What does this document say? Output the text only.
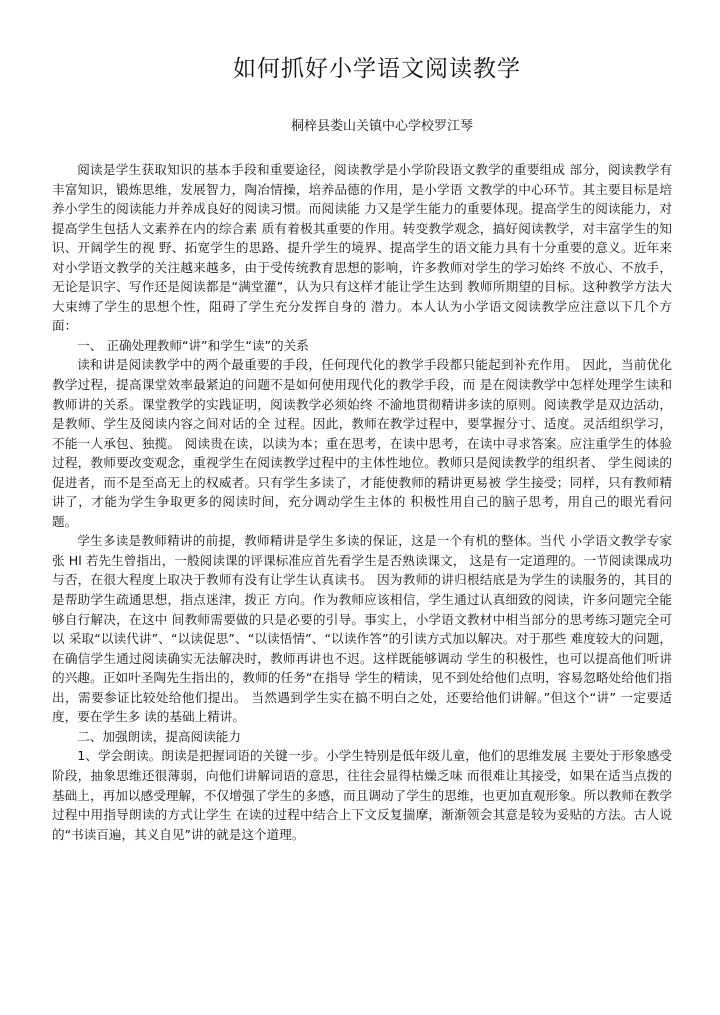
如何抓好小学语文阅读教学
桐梓县娄山关镇中心学校罗江琴

阅读是学生获取知识的基本手段和重要途径，阅读教学是小学阶段语文教学的重要组成 部分，阅读教学有丰富知识，锻炼思维，发展智力，陶冶情操，培养品德的作用，是小学语 文教学的中心环节。其主要目标是培养小学生的阅读能力并养成良好的阅读习惯。而阅读能 力又是学生能力的重要体现。提高学生的阅读能力，对提高学生包括人文素养在内的综合素 质有着极其重要的作用。转变教学观念，搞好阅读教学，对丰富学生的知识、开阔学生的视 野、拓宽学生的思路、提升学生的境界、提高学生的语文能力具有十分重要的意义。近年来 对小学语文教学的关注越来越多，由于受传统教育思想的影响，许多教师对学生的学习始终 不放心、不放手，无论是识字、写作还是阅读都是“满堂灌”，认为只有这样才能让学生达到 教师所期望的目标。这种教学方法大大束缚了学生的思想个性，阻碍了学生充分发挥自身的 潜力。本人认为小学语文阅读教学应注意以下几个方面：

一、 正确处理教师“讲”和学生“读”的关系

读和讲是阅读教学中的两个最重要的手段，任何现代化的教学手段都只能起到补充作用。 因此，当前优化教学过程，提高课堂效率最紧迫的问题不是如何使用现代化的教学手段，而 是在阅读教学中怎样处理学生读和教师讲的关系。课堂教学的实践证明，阅读教学必须始终 不渝地贯彻精讲多读的原则。阅读教学是双边活动，是教师、学生及阅读内容之间对话的全 过程。因此，教师在教学过程中，要掌握分寸、适度。灵活组织学习，不能一人承包、独揽。 阅读贵在读，以读为本；重在思考，在读中思考，在读中寻求答案。应注重学生的体验过程，教师要改变观念，重视学生在阅读教学过程中的主体性地位。教师只是阅读教学的组织者、 学生阅读的促进者，而不是至高无上的权威者。只有学生多读了，才能使教师的精讲更易被 学生接受；同样，只有教师精讲了，才能为学生争取更多的阅读时间，充分调动学生主体的 积极性用自己的脑子思考，用自己的眼光看问题。

学生多读是教师精讲的前提，教师精讲是学生多读的保证，这是一个有机的整体。当代 小学语文教学专家张 Hl 若先生曾指出，一般阅读课的评课标准应首先看学生是否熟读课文， 这是有一定道理的。一节阅读课成功与否，在很大程度上取决于教师有没有让学生认真读书。 因为教师的讲归根结底是为学生的读服务的，其目的是帮助学生疏通思想，指点迷津，拨正 方向。作为教师应该相信，学生通过认真细致的阅读，许多问题完全能够自行解决，在这中 间教师需要做的只是必要的引导。事实上，小学语文教材中相当部分的思考练习题完全可以 采取“以读代讲”、“以读促思”、“以读悟情”、“以读作答”的引读方式加以解决。对于那些 难度较大的问题，在确信学生通过阅读确实无法解决时，教师再讲也不迟。这样既能够调动 学生的积极性，也可以提高他们听讲的兴趣。正如叶圣陶先生指出的，教师的任务“在指导 学生的精读，见不到处给他们点明，容易忽略处给他们指出，需要参证比较处给他们提出。 当然遇到学生实在搞不明白之处，还要给他们讲解。”但这个“讲” 一定要适度，要在学生多 读的基础上精讲。

二、加强朗读，提高阅读能力

1、学会朗读。朗读是把握词语的关键一步。小学生特别是低年级儿童，他们的思维发展 主要处于形象感受阶段，抽象思维还很薄弱，向他们讲解词语的意思，往往会显得枯燥乏味 而很难让其接受，如果在适当点拨的基础上，再加以感受理解，不仅增强了学生的多感，而且调动了学生的思维，也更加直观形象。所以教师在教学过程中用指导朗读的方式让学生 在读的过程中结合上下文反复揣摩，渐渐领会其意是较为妥贴的方法。古人说的“书读百遍，其义自见”讲的就是这个道理。
